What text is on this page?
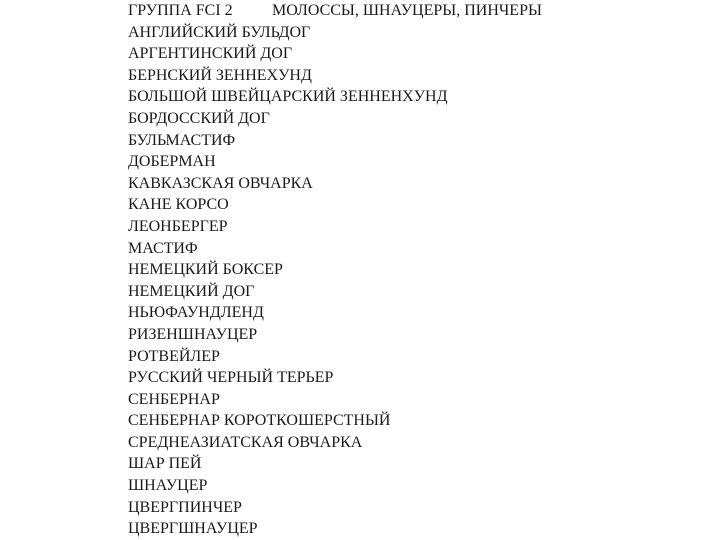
ГРУППА FCI 2	МОЛОССЫ, ШНАУЦЕРЫ, ПИНЧЕРЫ
АНГЛИЙСКИЙ БУЛЬДОГ
АРГЕНТИНСКИЙ ДОГ
БЕРНСКИЙ ЗЕННЕХУНД
БОЛЬШОЙ ШВЕЙЦАРСКИЙ ЗЕННЕНХУНД
БОРДОССКИЙ ДОГ
БУЛЬМАСТИФ
ДОБЕРМАН
КАВКАЗСКАЯ ОВЧАРКА
КАНЕ КОРСО
ЛЕОНБЕРГЕР
МАСТИФ
НЕМЕЦКИЙ БОКСЕР
НЕМЕЦКИЙ ДОГ
НЬЮФАУНДЛЕНД
РИЗЕНШНАУЦЕР
РОТВЕЙЛЕР
РУССКИЙ ЧЕРНЫЙ ТЕРЬЕР
СЕНБЕРНАР
СЕНБЕРНАР КОРОТКОШЕРСТНЫЙ
СРЕДНЕАЗИАТСКАЯ ОВЧАРКА
ШАР ПЕЙ
ШНАУЦЕР
ЦВЕРГПИНЧЕР
ЦВЕРГШНАУЦЕР
